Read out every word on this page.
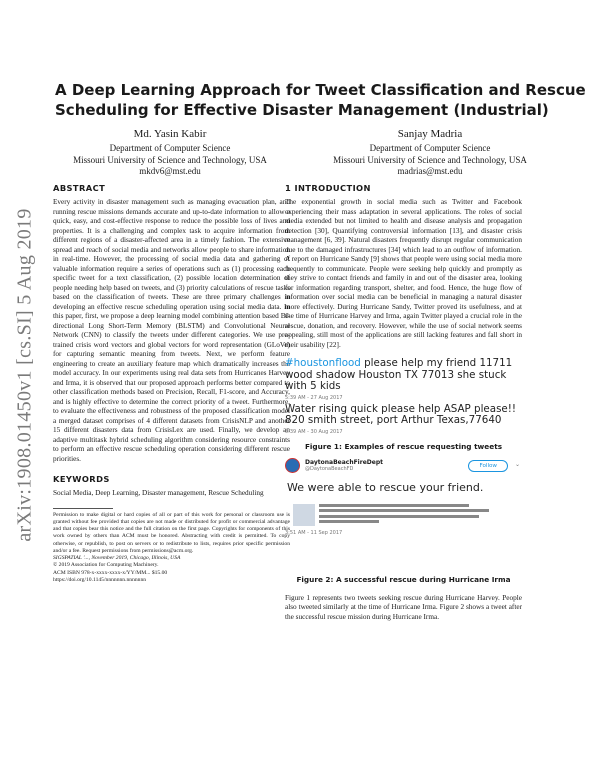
arXiv:1908.01450v1 [cs.SI] 5 Aug 2019
A Deep Learning Approach for Tweet Classification and Rescue
Scheduling for Effective Disaster Management (Industrial)
Md. Yasin Kabir
Department of Computer Science
Missouri University of Science and Technology, USA
mkdv6@mst.edu
Sanjay Madria
Department of Computer Science
Missouri University of Science and Technology, USA
madrias@mst.edu
ABSTRACT

Every activity in disaster management such as managing evacuation plan, and running rescue missions demands accurate and up-to-date information to allow a quick, easy, and cost-effective response to reduce the possible loss of lives and properties. It is a challenging and complex task to acquire information from different regions of a disaster-affected area in a timely fashion. The extensive spread and reach of social media and networks allow people to share information in real-time. However, the processing of social media data and gathering of valuable information require a series of operations such as (1) processing each specific tweet for a text classification, (2) possible location determination of people needing help based on tweets, and (3) priority calculations of rescue tasks based on the classification of tweets. These are three primary challenges in developing an effective rescue scheduling operation using social media data. In this paper, first, we propose a deep learning model combining attention based Bi-directional Long Short-Term Memory (BLSTM) and Convolutional Neural Network (CNN) to classify the tweets under different categories. We use pre-trained crisis word vectors and global vectors for word representation (GLoVe) for capturing semantic meaning from tweets. Next, we perform feature engineering to create an auxiliary feature map which dramatically increases the model accuracy. In our experiments using real data sets from Hurricanes Harvey and Irma, it is observed that our proposed approach performs better compared to other classification methods based on Precision, Recall, F1-score, and Accuracy, and is highly effective to determine the correct priority of a tweet. Furthermore, to evaluate the effectiveness and robustness of the proposed classification model a merged dataset comprises of 4 different datasets from CrisisNLP and another 15 different disasters data from CrisisLex are used. Finally, we develop an adaptive multitask hybrid scheduling algorithm considering resource constraints to perform an effective rescue scheduling operation considering different rescue priorities.

KEYWORDS

Social Media, Deep Learning, Disaster management, Rescue Scheduling

Permission to make digital or hard copies of all or part of this work for personal or classroom use is granted without fee provided that copies are not made or distributed for profit or commercial advantage and that copies bear this notice and the full citation on the first page. Copyrights for components of this work owned by others than ACM must be honored. Abstracting with credit is permitted. To copy otherwise, or republish, to post on servers or to redistribute to lists, requires prior specific permission and/or a fee. Request permissions from permissions@acm.org.

SIGSPATIAL '..., November 2019, Chicago, Illinois, USA

© 2019 Association for Computing Machinery.

ACM ISBN 978-x-xxxx-xxxx-x/YY/MM... $15.00

https://doi.org/10.1145/nnnnnnn.nnnnnnn

1 INTRODUCTION

The exponential growth in social media such as Twitter and Facebook experiencing their mass adaptation in several applications. The roles of social media extended but not limited to health and disease analysis and propagation detection [30], Quantifying controversial information [13], and disaster crisis management [6, 39]. Natural disasters frequently disrupt regular communication due to the damaged infrastructures [34] which lead to an outflow of information. A report on Hurricane Sandy [9] shows that people were using social media more frequently to communicate. People were seeking help quickly and promptly as they strive to contact friends and family in and out of the disaster area, looking for information regarding transport, shelter, and food. Hence, the huge flow of information over social media can be beneficial in managing a natural disaster more effectively. During Hurricane Sandy, Twitter proved its usefulness, and at the time of Hurricane Harvey and Irma, again Twitter played a crucial role in the rescue, donation, and recovery. However, while the use of social network seems appealing, still most of the applications are still lacking features and fall short in their usability [22].

#houstonflood please help my friend 11711 wood shadow Houston TX 77013 she stuck with 5 kids
5:39 AM - 27 Aug 2017
Water rising quick please help ASAP please!! 820 smith street, port Arthur Texas,77640
5:39 AM - 30 Aug 2017
Figure 1: Examples of rescue requesting tweets
DaytonaBeachFireDept
@DaytonaBeachFD
Follow	⌄
We were able to rescue your friend.
3:51 AM - 11 Sep 2017
Figure 2: A successful rescue during Hurricane Irma

Figure 1 represents two tweets seeking rescue during Hurricane Harvey. People also tweeted similarly at the time of Hurricane Irma. Figure 2 shows a tweet after the successful rescue mission during Hurricane Irma.
